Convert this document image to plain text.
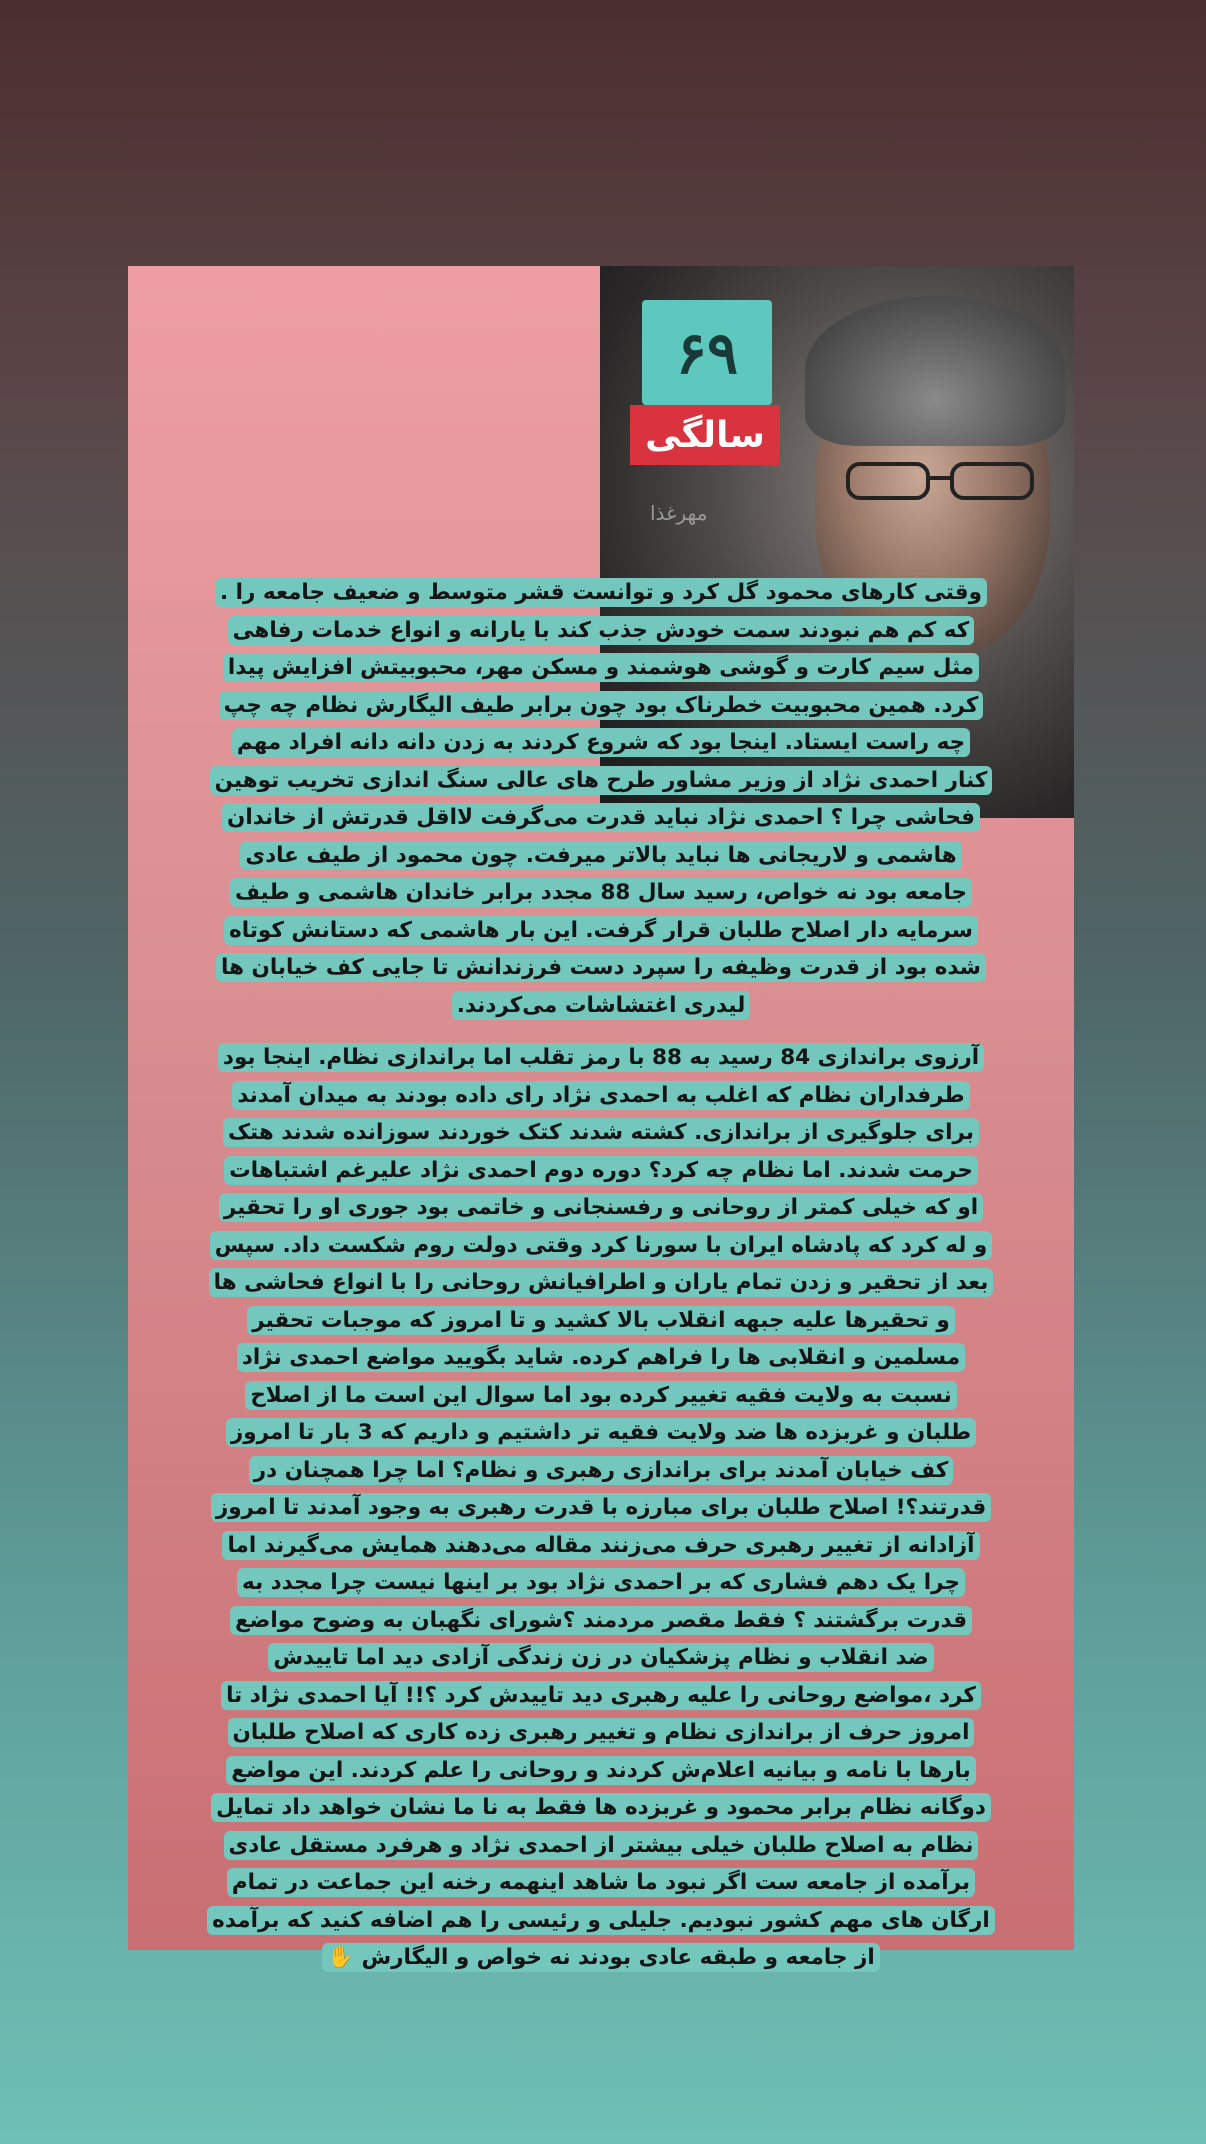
۶۹
سالگی
مهرغذا

وقتی کارهای محمود گل کرد و توانست قشر متوسط و ضعیف جامعه را .
که کم هم نبودند سمت خودش جذب کند با یارانه و انواع خدمات رفاهی
مثل سیم کارت و گوشی هوشمند و مسکن مهر، محبوبیتش افزایش پیدا
کرد. همین محبوبیت خطرناک بود چون برابر طیف الیگارش نظام چه چپ
چه راست ایستاد. اینجا بود که شروع کردند به زدن دانه دانه افراد مهم
کنار احمدی نژاد از وزیر مشاور طرح های عالی سنگ اندازی تخریب توهین
فحاشی چرا ؟ احمدی نژاد نباید قدرت می‌گرفت لااقل قدرتش از خاندان
هاشمی و لاریجانی ها نباید بالاتر میرفت. چون محمود از طیف عادی
جامعه بود نه خواص، رسید سال 88 مجدد برابر خاندان هاشمی و طیف
سرمایه دار اصلاح طلبان قرار گرفت. این بار هاشمی که دستانش کوتاه
شده بود از قدرت وظیفه را سپرد دست فرزندانش تا جایی کف خیابان ها
لیدری اغتشاشات می‌کردند.

آرزوی براندازی 84 رسید به 88 با رمز تقلب اما براندازی نظام. اینجا بود
طرفداران نظام که اغلب به احمدی نژاد رای داده بودند به میدان آمدند
برای جلوگیری از براندازی. کشته شدند کتک خوردند سوزانده شدند هتک
حرمت شدند. اما نظام چه کرد؟ دوره دوم احمدی نژاد علیرغم اشتباهات
او که خیلی کمتر از روحانی و رفسنجانی و خاتمی بود جوری او را تحقیر
و له کرد که پادشاه ایران با سورنا کرد وقتی دولت روم شکست داد. سپس
بعد از تحقیر و زدن تمام یاران و اطرافیانش روحانی را با انواع فحاشی ها
و تحقیرها علیه جبهه انقلاب بالا کشید و تا امروز که موجبات تحقیر
مسلمین و انقلابی ها را فراهم کرده. شاید بگویید مواضع احمدی نژاد
نسبت به ولایت فقیه تغییر کرده بود اما سوال این است ما از اصلاح
طلبان و غربزده ها ضد ولایت فقیه تر داشتیم و داریم که 3 بار تا امروز
کف خیابان آمدند برای براندازی رهبری و نظام؟ اما چرا همچنان در
قدرتند؟! اصلاح طلبان برای مبارزه با قدرت رهبری به وجود آمدند تا امروز
آزادانه از تغییر رهبری حرف می‌زنند مقاله می‌دهند همایش می‌گیرند اما
چرا یک دهم فشاری که بر احمدی نژاد بود بر اینها نیست چرا مجدد به
قدرت برگشتند ؟ فقط مقصر مردمند ؟شورای نگهبان به وضوح مواضع
ضد انقلاب و نظام پزشکیان در زن زندگی آزادی دید اما تاییدش
کرد ،مواضع روحانی را علیه رهبری دید تاییدش کرد ؟!! آیا احمدی نژاد تا
امروز حرف از براندازی نظام و تغییر رهبری زده کاری که اصلاح طلبان
بارها با نامه و بیانیه اعلام‌ش کردند و روحانی را علم کردند. این مواضع
دوگانه نظام برابر محمود و غربزده ها فقط به نا ما نشان خواهد داد تمایل
نظام به اصلاح طلبان خیلی بیشتر از احمدی نژاد و هرفرد مستقل عادی
برآمده از جامعه ست اگر نبود ما شاهد اینهمه رخنه این جماعت در تمام
ارگان های مهم کشور نبودیم. جلیلی و رئیسی را هم اضافه کنید که برآمده
از جامعه و طبقه عادی بودند نه خواص و الیگارش ✋
